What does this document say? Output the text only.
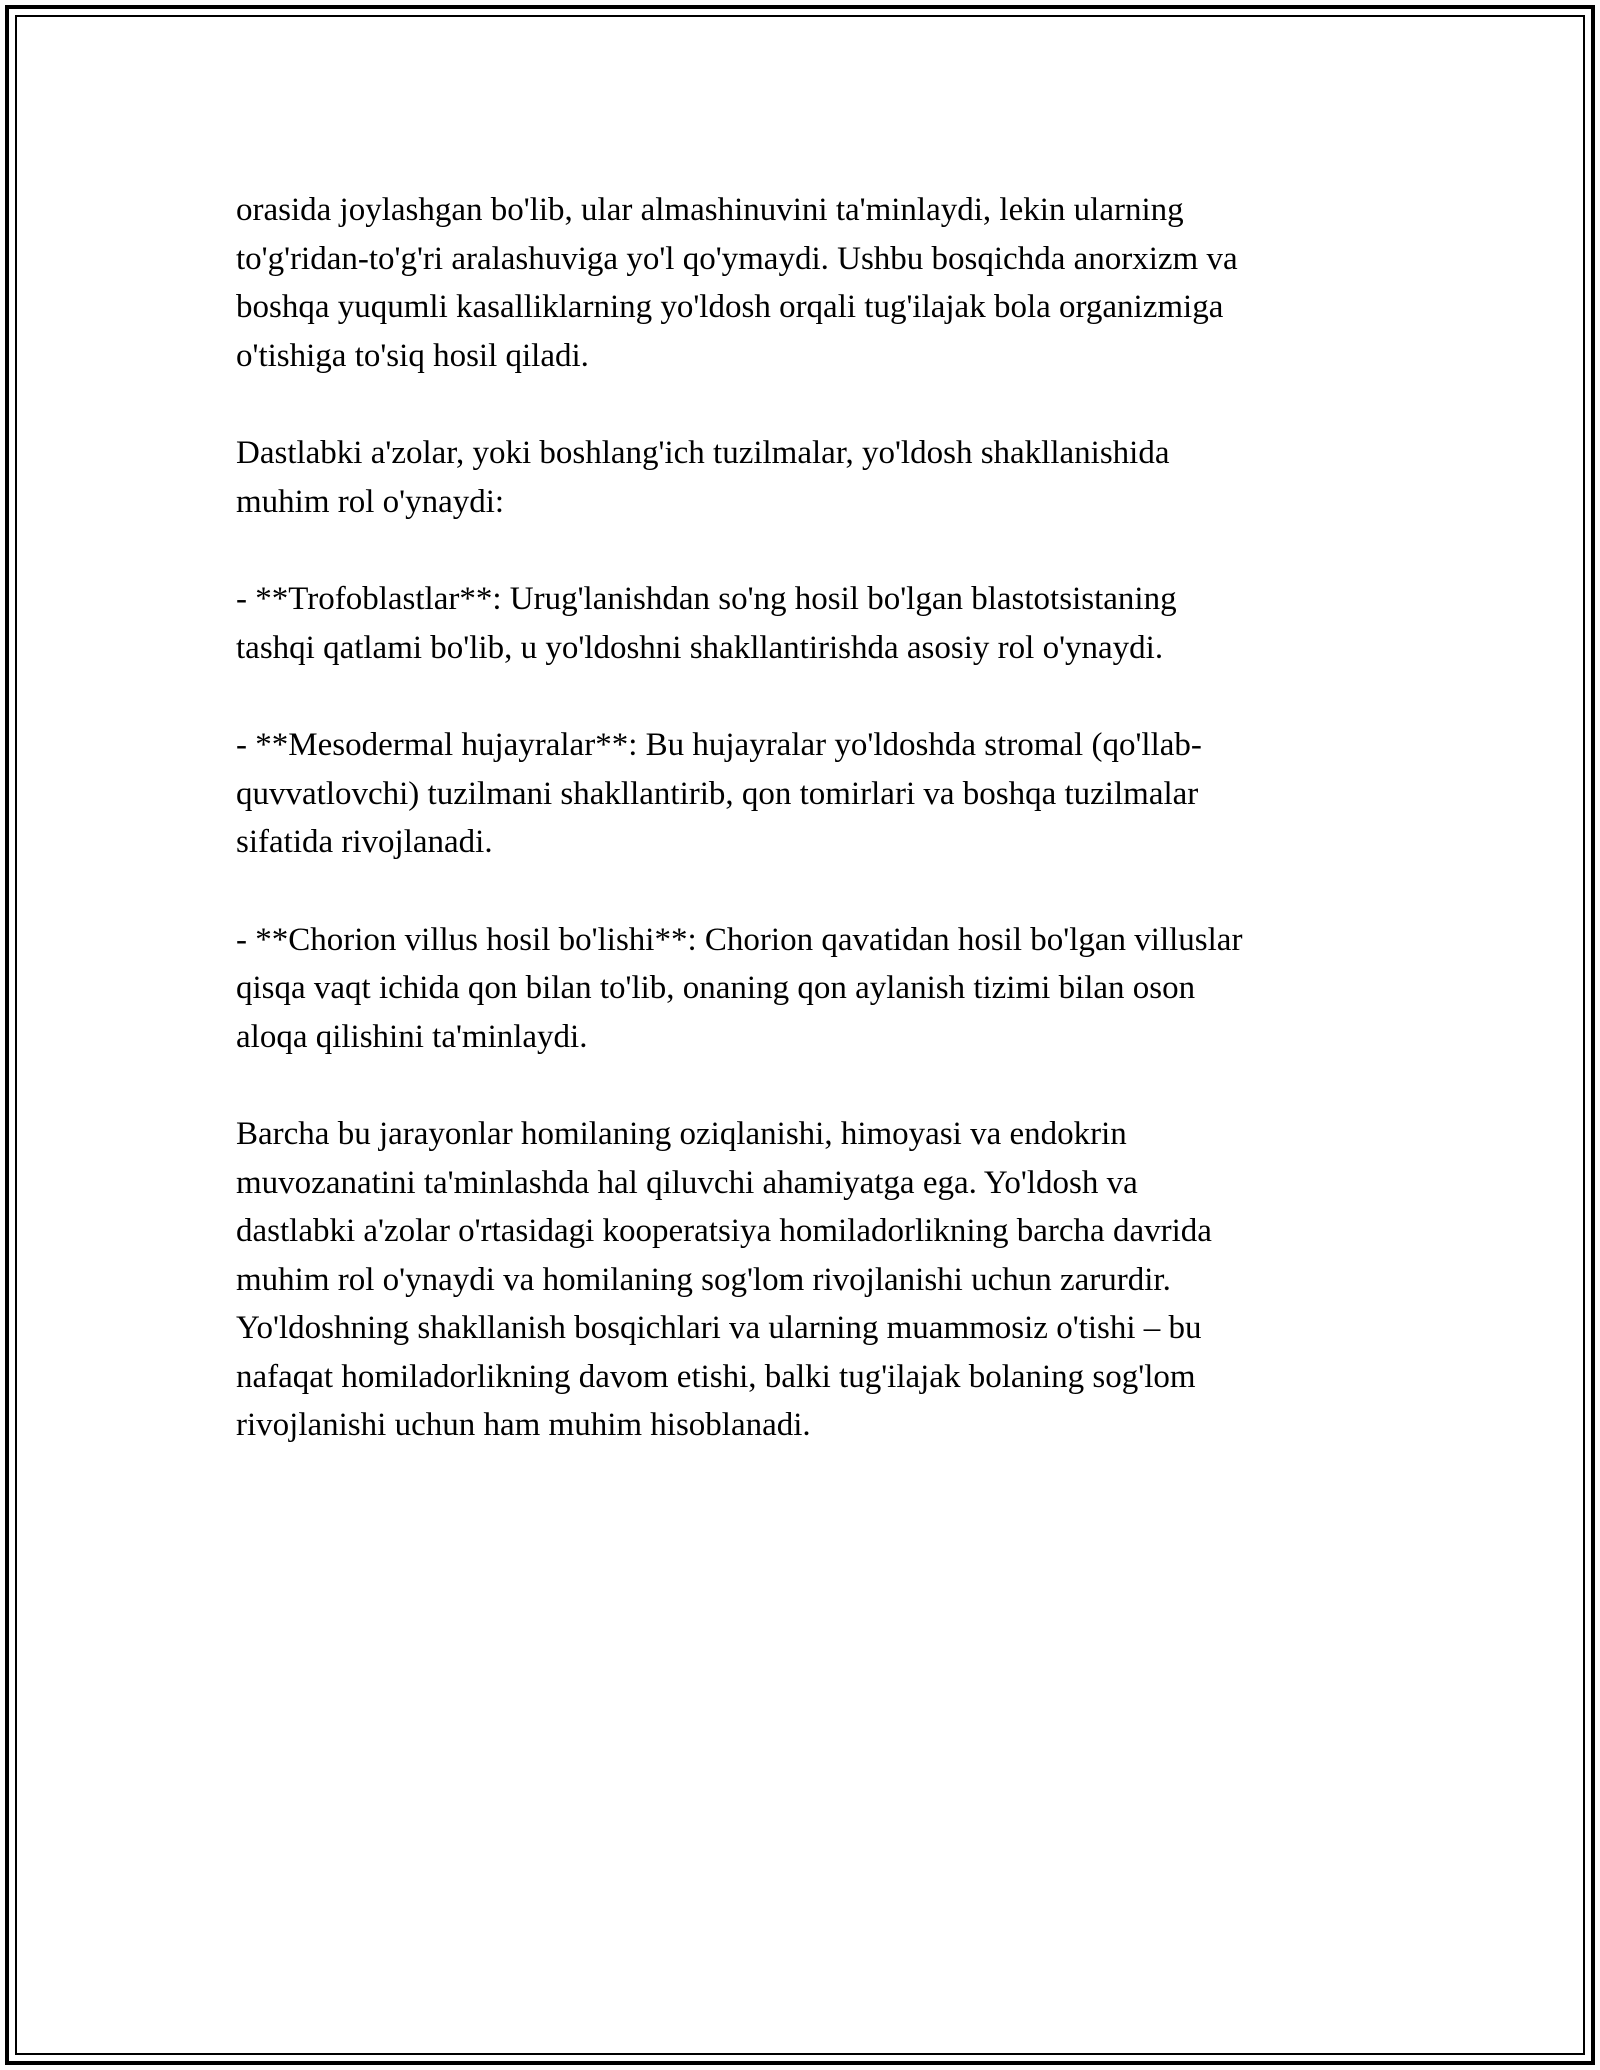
orasida joylashgan bo'lib, ular almashinuvini ta'minlaydi, lekin ularning
to'g'ridan-to'g'ri aralashuviga yo'l qo'ymaydi. Ushbu bosqichda anorxizm va
boshqa yuqumli kasalliklarning yo'ldosh orqali tug'ilajak bola organizmiga
o'tishiga to'siq hosil qiladi.

Dastlabki a'zolar, yoki boshlang'ich tuzilmalar, yo'ldosh shakllanishida
muhim rol o'ynaydi:

- **Trofoblastlar**: Urug'lanishdan so'ng hosil bo'lgan blastotsistaning
tashqi qatlami bo'lib, u yo'ldoshni shakllantirishda asosiy rol o'ynaydi.

- **Mesodermal hujayralar**: Bu hujayralar yo'ldoshda stromal (qo'llab-
quvvatlovchi) tuzilmani shakllantirib, qon tomirlari va boshqa tuzilmalar
sifatida rivojlanadi.

- **Chorion villus hosil bo'lishi**: Chorion qavatidan hosil bo'lgan villuslar
qisqa vaqt ichida qon bilan to'lib, onaning qon aylanish tizimi bilan oson
aloqa qilishini ta'minlaydi.

Barcha bu jarayonlar homilaning oziqlanishi, himoyasi va endokrin
muvozanatini ta'minlashda hal qiluvchi ahamiyatga ega. Yo'ldosh va
dastlabki a'zolar o'rtasidagi kooperatsiya homiladorlikning barcha davrida
muhim rol o'ynaydi va homilaning sog'lom rivojlanishi uchun zarurdir.
Yo'ldoshning shakllanish bosqichlari va ularning muammosiz o'tishi – bu
nafaqat homiladorlikning davom etishi, balki tug'ilajak bolaning sog'lom
rivojlanishi uchun ham muhim hisoblanadi.
